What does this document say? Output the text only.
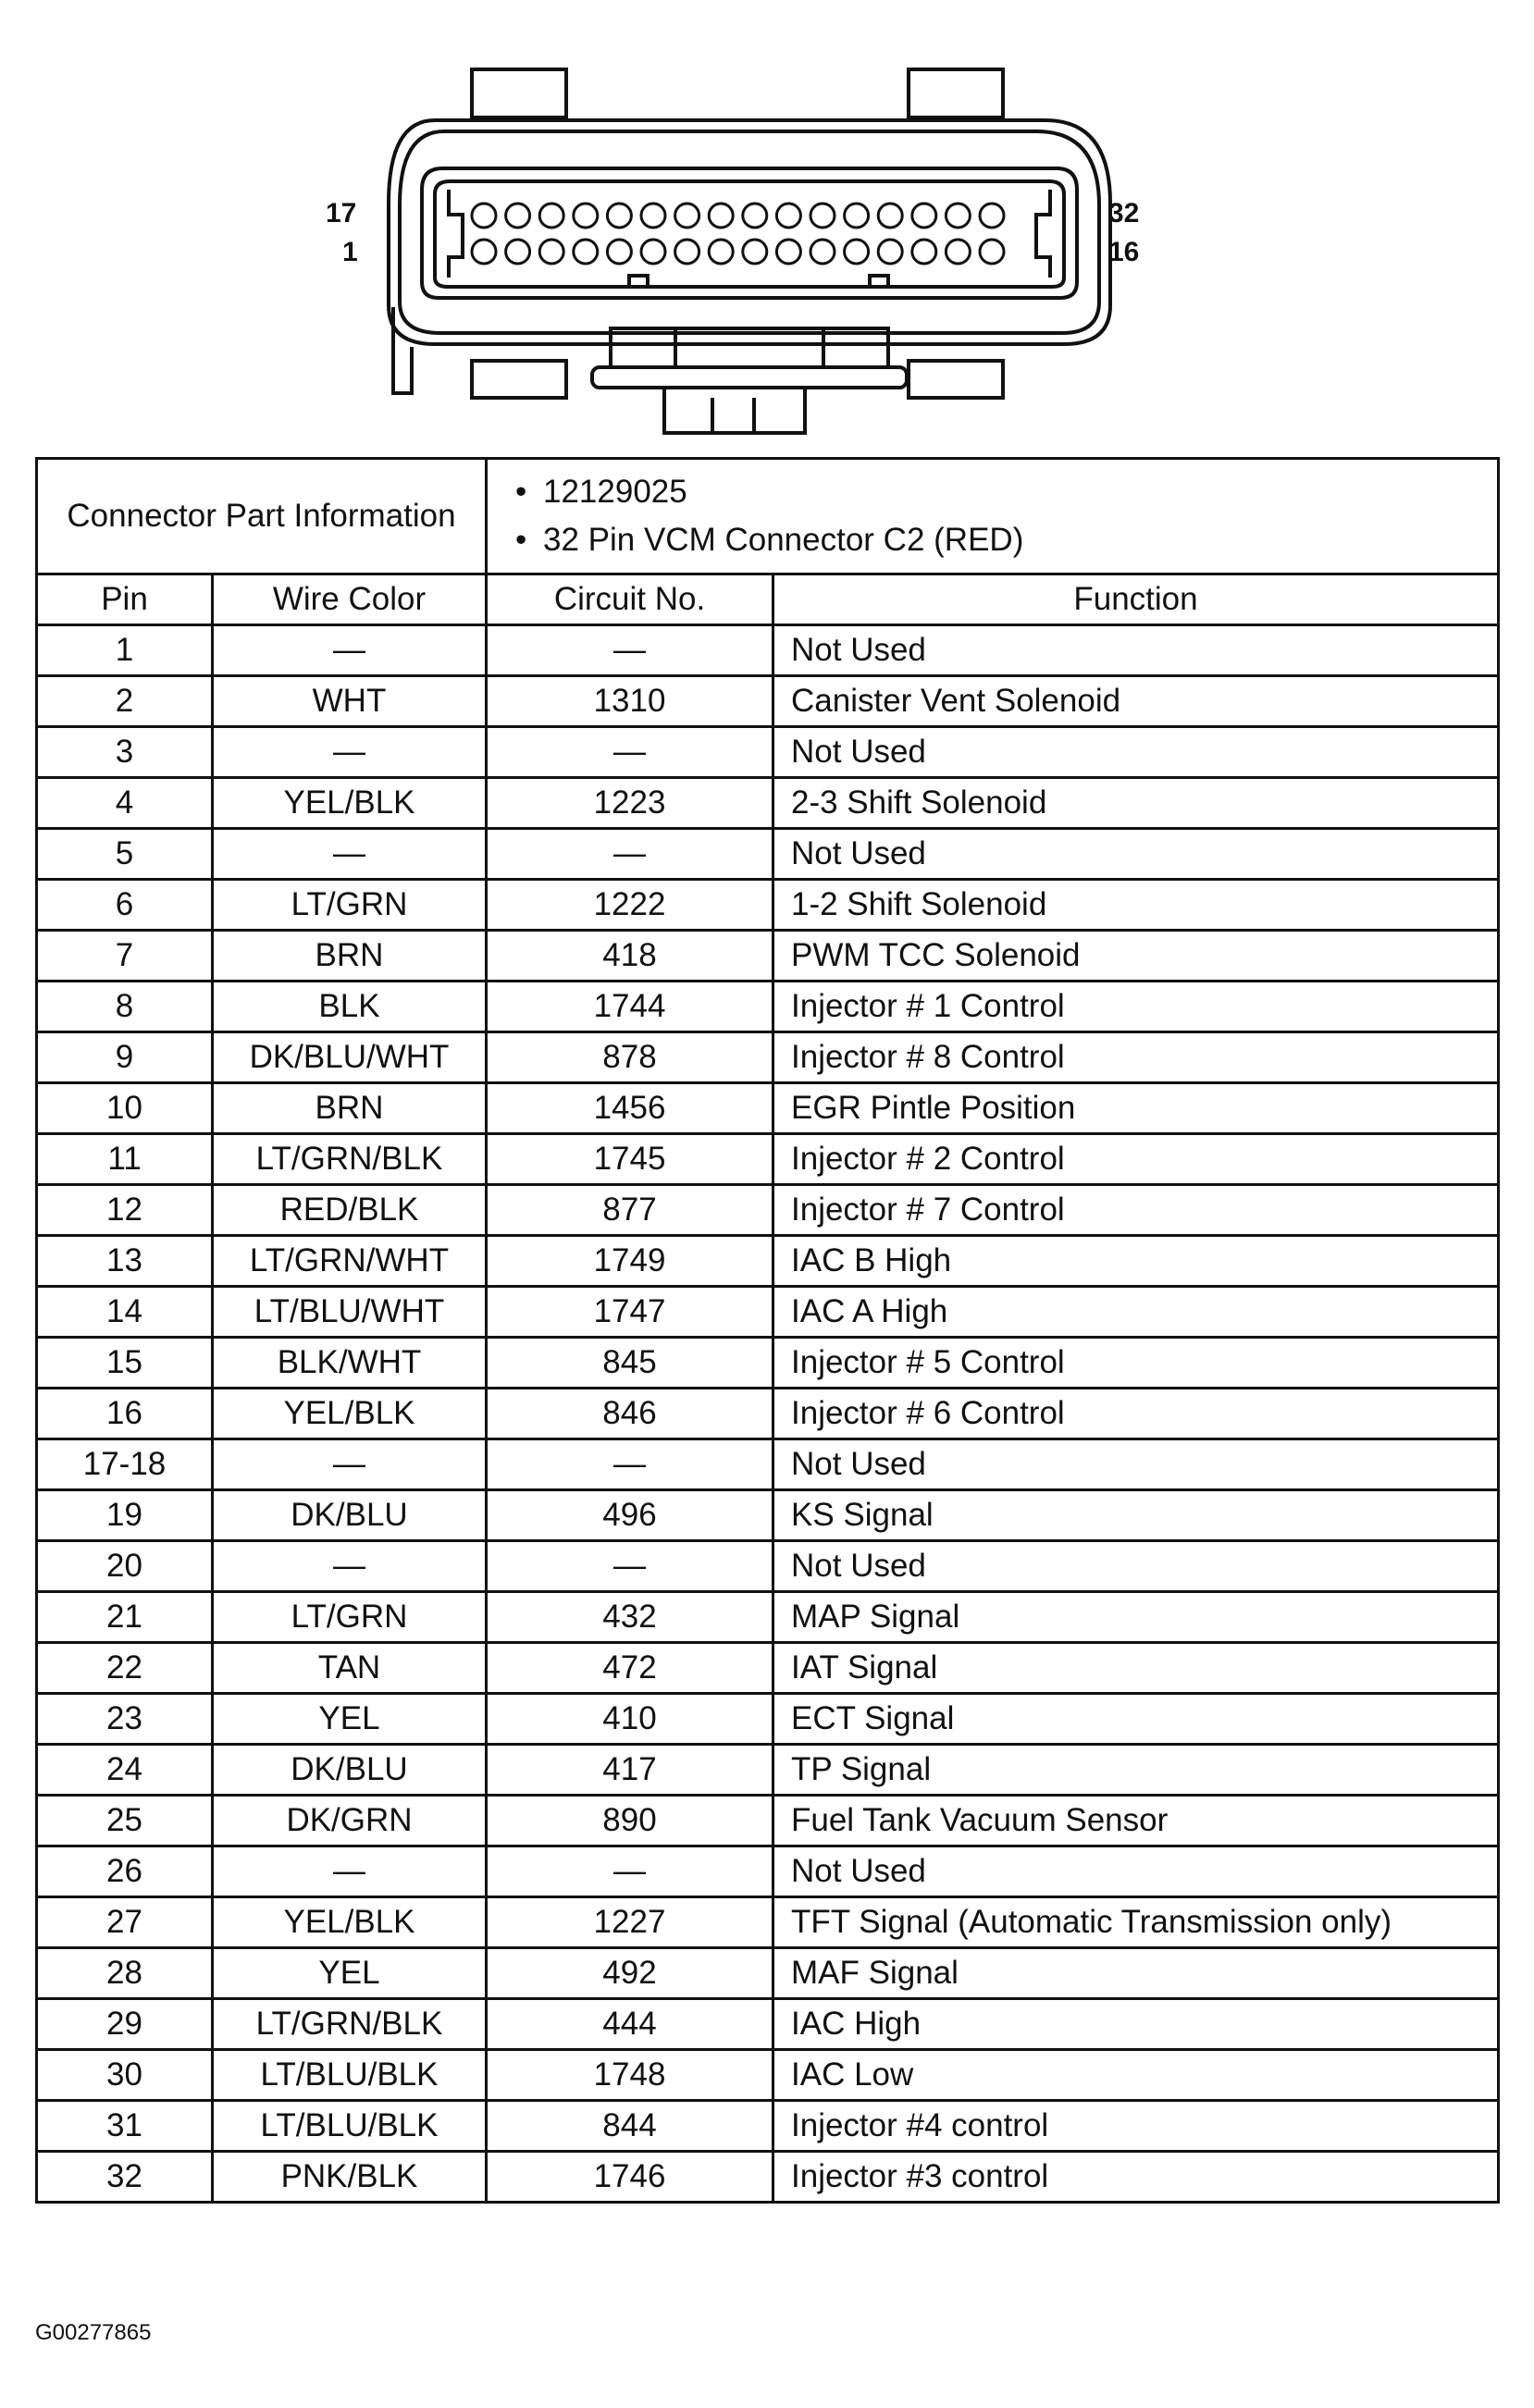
17
1
32
16
Connector Part Information		• 12129025
• 32 Pin VCM Connector C2 (RED)

Pin	Wire Color	Circuit No.	Function
1	—	—	Not Used
2	WHT	1310	Canister Vent Solenoid
3	—	—	Not Used
4	YEL/BLK	1223	2-3 Shift Solenoid
5	—	—	Not Used
6	LT/GRN	1222	1-2 Shift Solenoid
7	BRN	418	PWM TCC Solenoid
8	BLK	1744	Injector # 1 Control
9	DK/BLU/WHT	878	Injector # 8 Control
10	BRN	1456	EGR Pintle Position
11	LT/GRN/BLK	1745	Injector # 2 Control
12	RED/BLK	877	Injector # 7 Control
13	LT/GRN/WHT	1749	IAC B High
14	LT/BLU/WHT	1747	IAC A High
15	BLK/WHT	845	Injector # 5 Control
16	YEL/BLK	846	Injector # 6 Control
17-18	—	—	Not Used
19	DK/BLU	496	KS Signal
20	—	—	Not Used
21	LT/GRN	432	MAP Signal
22	TAN	472	IAT Signal
23	YEL	410	ECT Signal
24	DK/BLU	417	TP Signal
25	DK/GRN	890	Fuel Tank Vacuum Sensor
26	—	—	Not Used
27	YEL/BLK	1227	TFT Signal (Automatic Transmission only)
28	YEL	492	MAF Signal
29	LT/GRN/BLK	444	IAC High
30	LT/BLU/BLK	1748	IAC Low
31	LT/BLU/BLK	844	Injector #4 control
32	PNK/BLK	1746	Injector #3 control
G00277865
